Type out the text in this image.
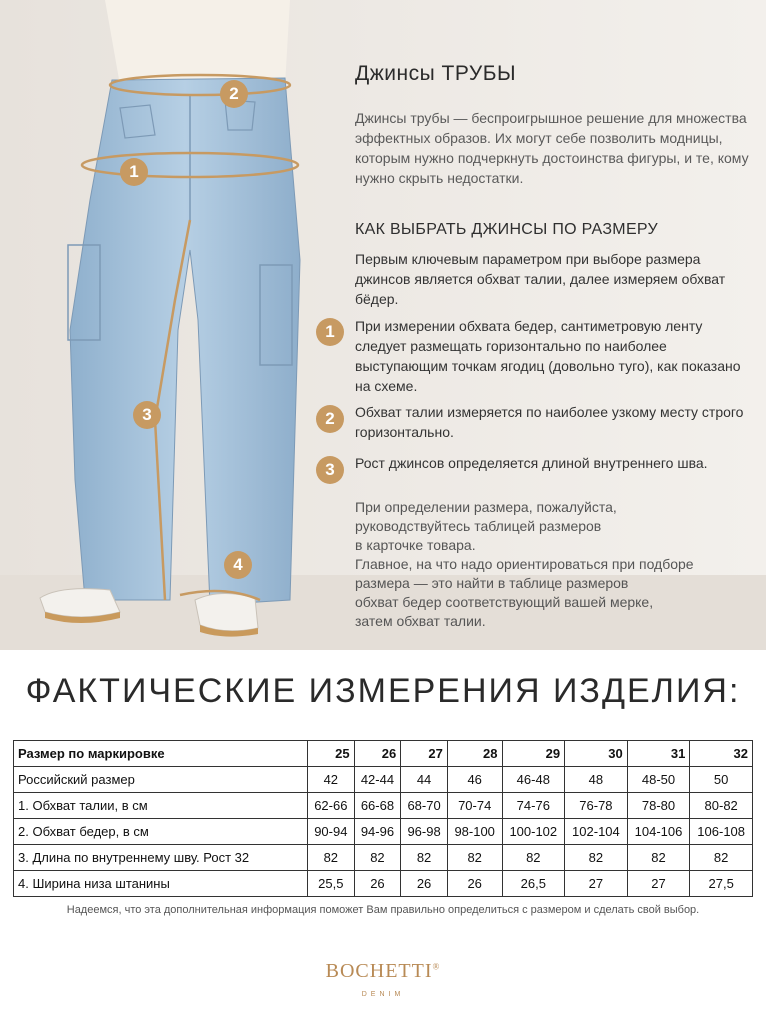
1
2
3
4
Джинсы ТРУБЫ
Джинсы трубы — беспроигрышное решение для множества эффектных образов. Их могут себе позволить модницы, которым нужно подчеркнуть достоинства фигуры, и те, кому нужно скрыть недостатки.
КАК ВЫБРАТЬ ДЖИНСЫ ПО РАЗМЕРУ
Первым ключевым параметром при выборе размера джинсов является обхват талии, далее измеряем обхват бёдер.
1	При измерении обхвата бедер, сантиметровую ленту следует размещать горизонтально по наиболее выступающим точкам ягодиц (довольно туго), как показано на схеме.
2	Обхват талии измеряется по наиболее узкому месту строго горизонтально.
3	Рост джинсов определяется длиной внутреннего шва.
При определении размера, пожалуйста,
руководствуйтесь таблицей размеров
в карточке товара.
Главное, на что надо ориентироваться при подборе
размера — это найти в таблице размеров
обхват бедер соответствующий вашей мерке,
затем обхват талии.
ФАКТИЧЕСКИЕ ИЗМЕРЕНИЯ ИЗДЕЛИЯ:
Размер по маркировке	25	26	27	28	29	30	31	32
Российский размер	42	42-44	44	46	46-48	48	48-50	50
1. Обхват талии, в см	62-66	66-68	68-70	70-74	74-76	76-78	78-80	80-82
2. Обхват бедер, в см	90-94	94-96	96-98	98-100	100-102	102-104	104-106	106-108
3. Длина по внутреннему шву. Рост 32	82	82	82	82	82	82	82	82
4. Ширина низа штанины	25,5	26	26	26	26,5	27	27	27,5
Надеемся, что эта дополнительная информация поможет Вам правильно определиться с размером и сделать свой выбор.
BOCHETTI®
DENIM
